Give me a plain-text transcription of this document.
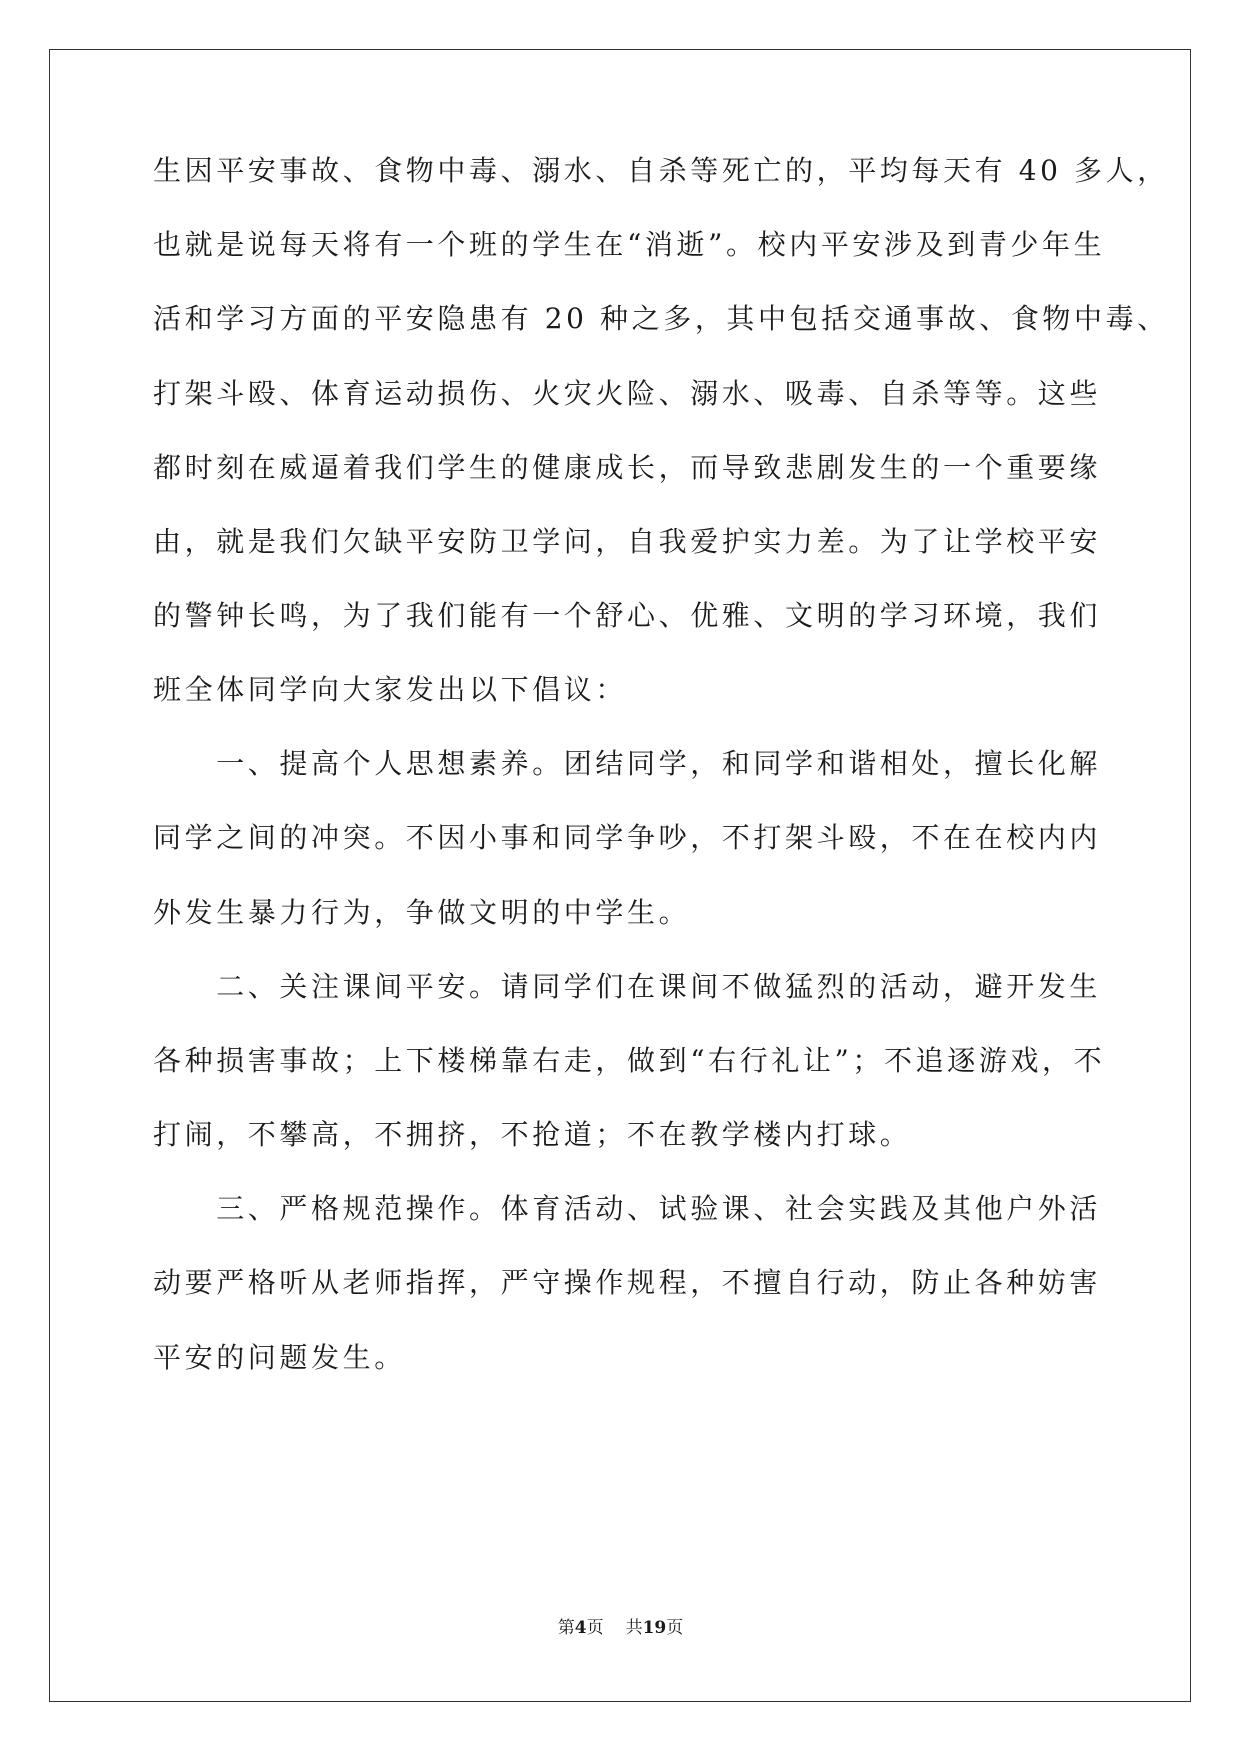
生因平安事故、食物中毒、溺水、自杀等死亡的，平均每天有 40 多人，
也就是说每天将有一个班的学生在“消逝”。校内平安涉及到青少年生
活和学习方面的平安隐患有 20 种之多，其中包括交通事故、食物中毒、
打架斗殴、体育运动损伤、火灾火险、溺水、吸毒、自杀等等。这些
都时刻在威逼着我们学生的健康成长，而导致悲剧发生的一个重要缘
由，就是我们欠缺平安防卫学问，自我爱护实力差。为了让学校平安
的警钟长鸣，为了我们能有一个舒心、优雅、文明的学习环境，我们
班全体同学向大家发出以下倡议：
　　一、提高个人思想素养。团结同学，和同学和谐相处，擅长化解
同学之间的冲突。不因小事和同学争吵，不打架斗殴，不在在校内内
外发生暴力行为，争做文明的中学生。
　　二、关注课间平安。请同学们在课间不做猛烈的活动，避开发生
各种损害事故；上下楼梯靠右走，做到“右行礼让”；不追逐游戏，不
打闹，不攀高，不拥挤，不抢道；不在教学楼内打球。
　　三、严格规范操作。体育活动、试验课、社会实践及其他户外活
动要严格听从老师指挥，严守操作规程，不擅自行动，防止各种妨害
平安的问题发生。
第4页 共19页
